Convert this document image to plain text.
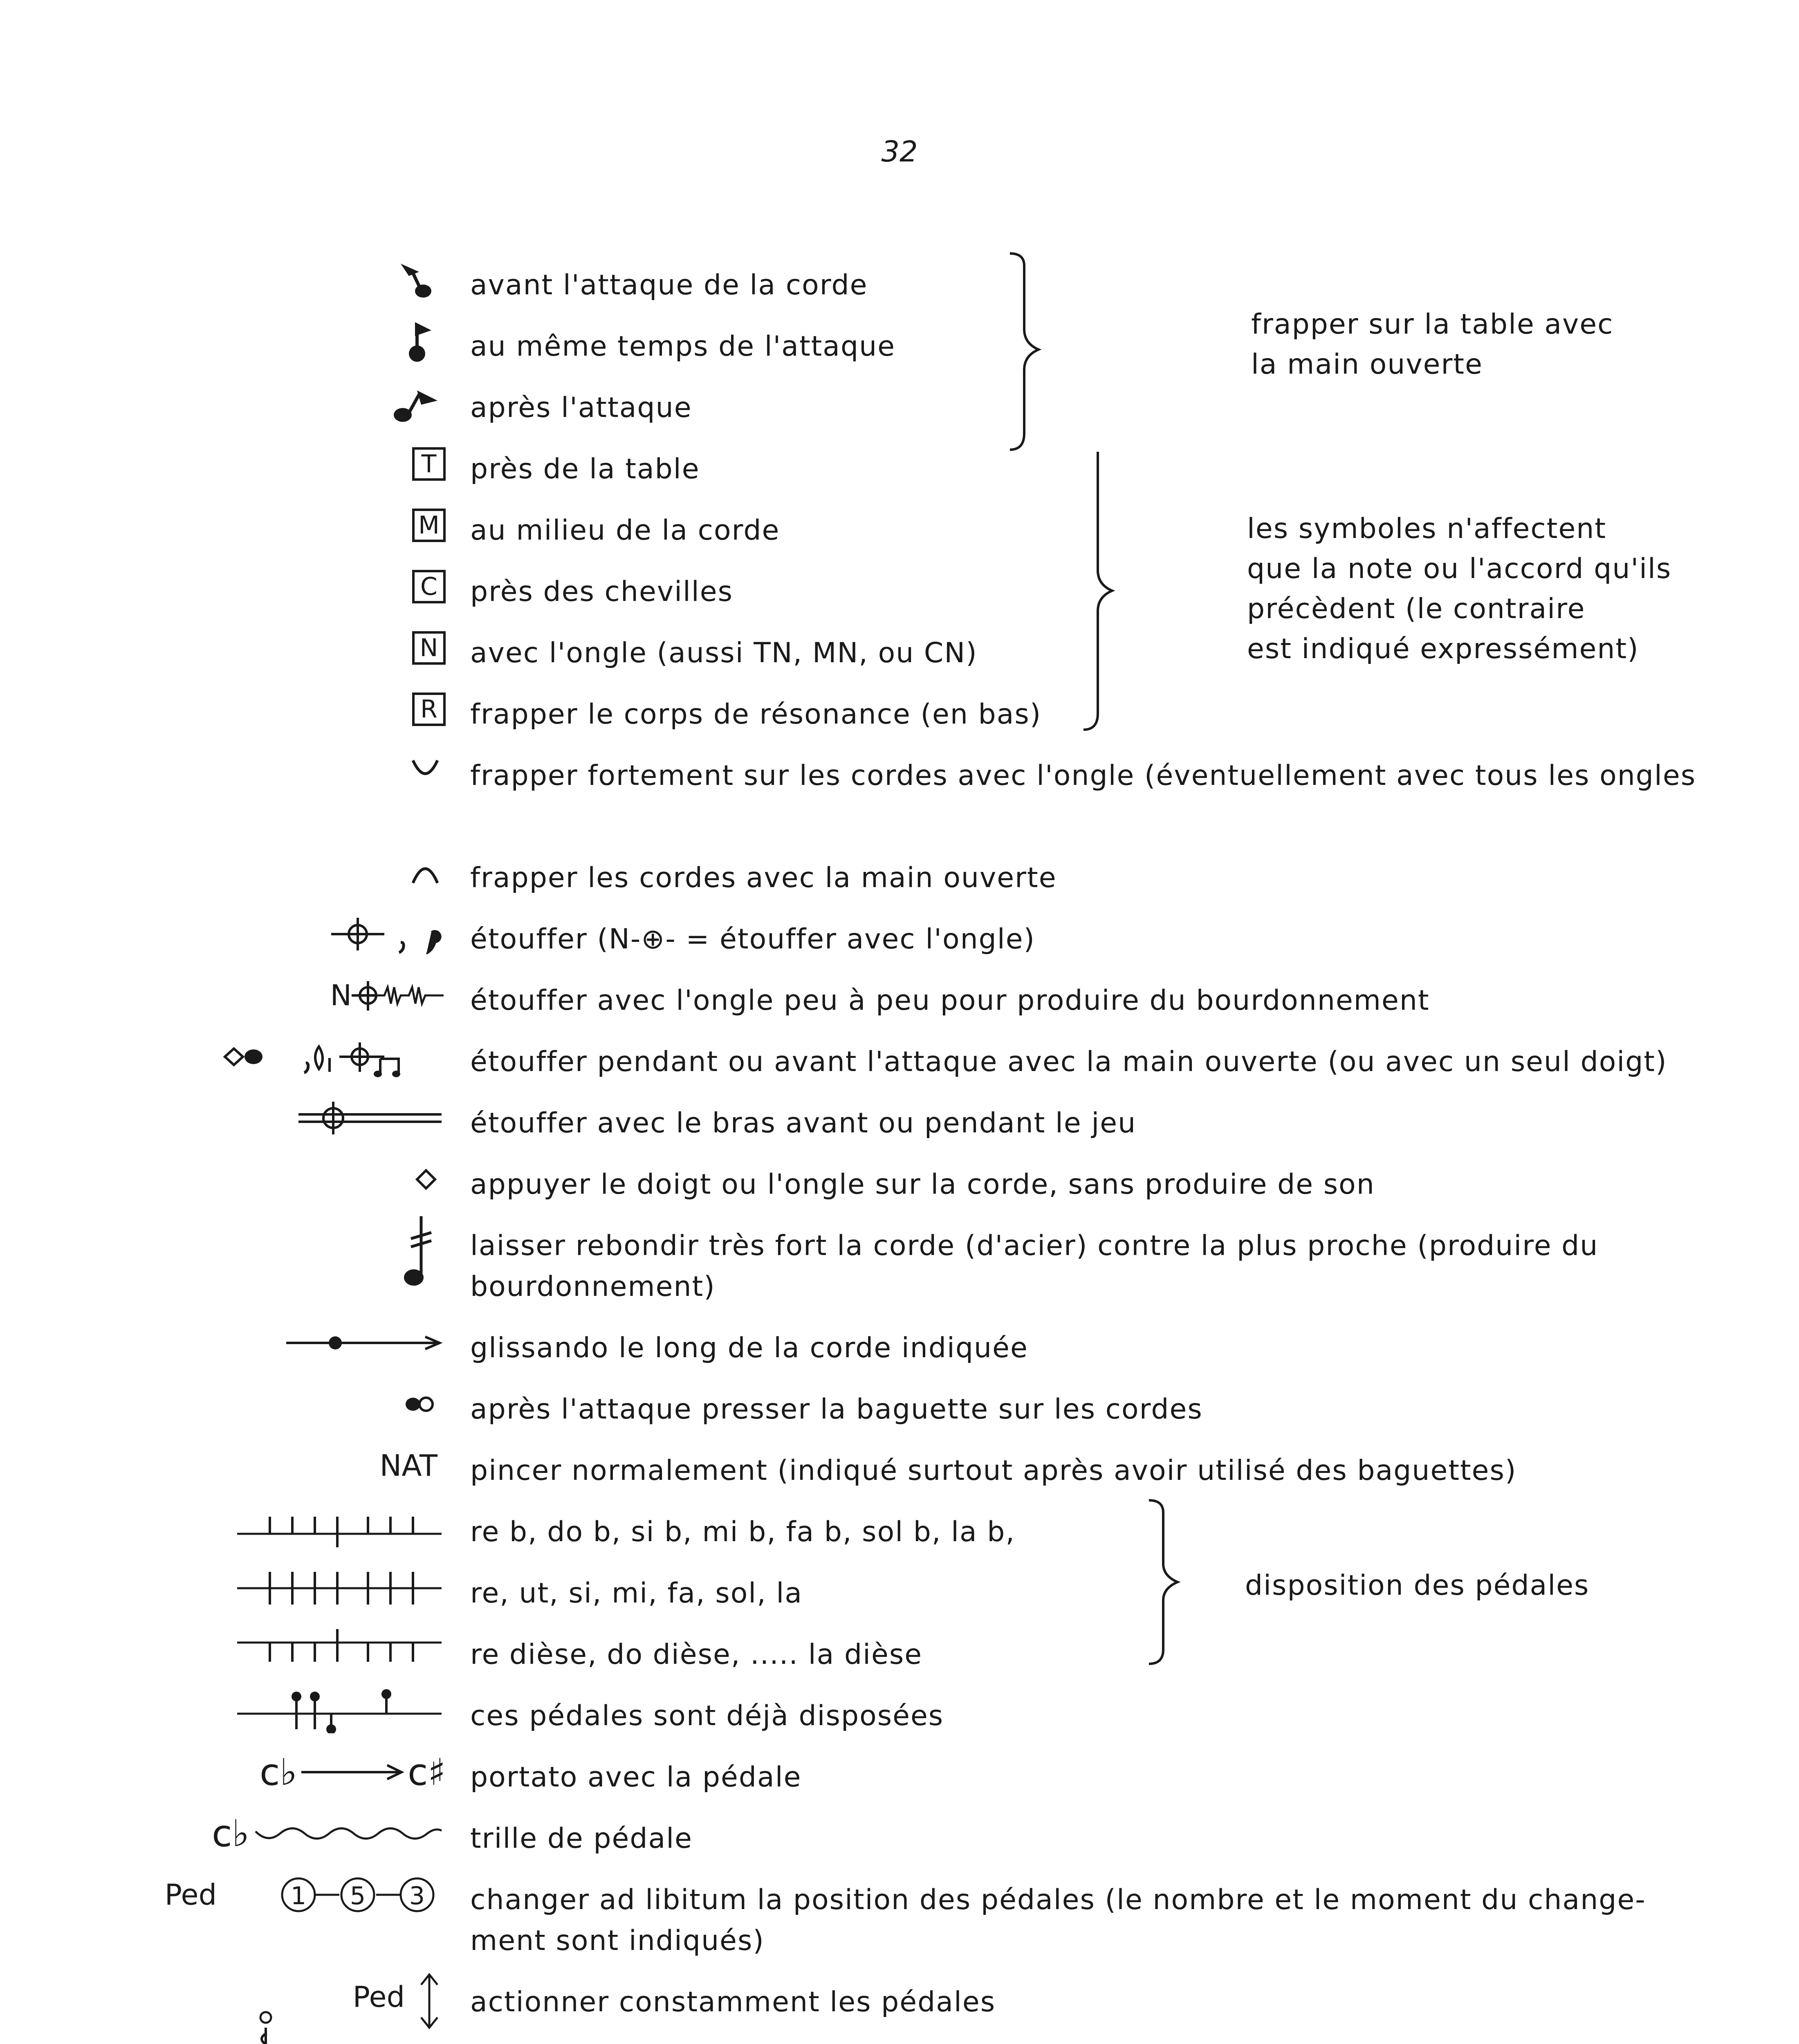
32
avant l'attaque de la corde
au même temps de l'attaque
après l'attaque
T	près de la table
M au milieu de la corde
C près des chevilles
N avec l'ongle (aussi TN, MN, ou CN)
R frapper le corps de résonance (en bas)
frapper fortement sur les cordes avec l'ongle (éventuellement avec tous les ongles
frapper les cordes avec la main ouverte
étouffer (N-⊕- = étouffer avec l'ongle)
N	étouffer avec l'ongle peu à peu pour produire du bourdonnement
étouffer pendant ou avant l'attaque avec la main ouverte (ou avec un seul doigt)
étouffer avec le bras avant ou pendant le jeu
appuyer le doigt ou l'ongle sur la corde, sans produire de son
laisser rebondir très fort la corde (d'acier) contre la plus proche (produire du bourdonnement)
glissando le long de la corde indiquée
après l'attaque presser la baguette sur les cordes
NAT pincer normalement (indiqué surtout après avoir utilisé des baguettes)
re b, do b, si b, mi b, fa b, sol b, la b,
re, ut, si, mi, fa, sol, la
re dièse, do dièse, ..... la dièse
ces pédales sont déjà disposées
c♭	c♯ portato avec la pédale
c♭	trille de pédale
Ped	1 5 3 changer ad libitum la position des pédales (le nombre et le moment du change- ment sont indiqués)
Ped actionner constamment les pédales
frapper sur la table avec
la main ouverte
les symboles n'affectent
que la note ou l'accord qu'ils
précèdent (le contraire
est indiqué expressément)
disposition des pédales
